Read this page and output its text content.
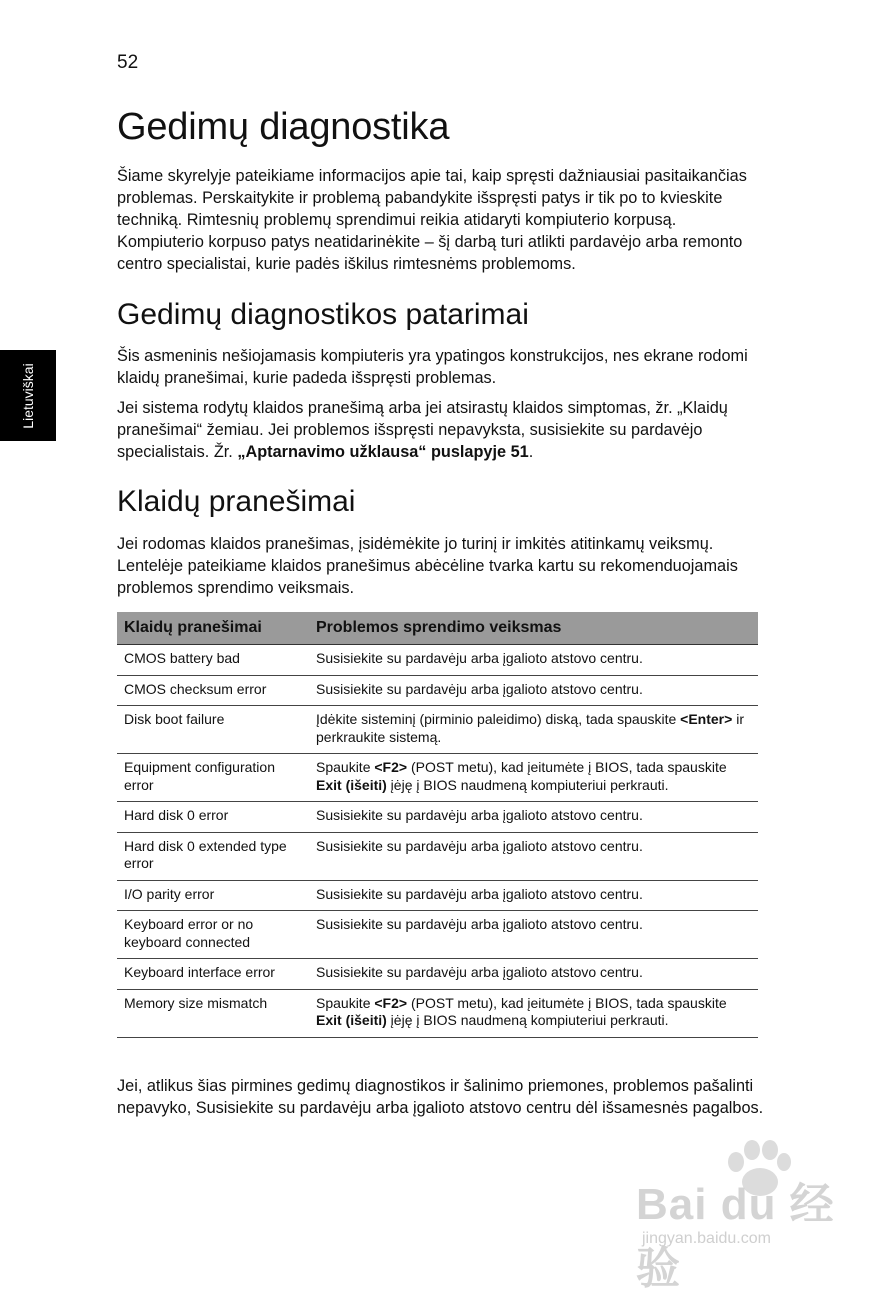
52
Lietuviškai
Gedimų diagnostika

Šiame skyrelyje pateikiame informacijos apie tai, kaip spręsti dažniausiai pasitaikančias problemas. Perskaitykite ir problemą pabandykite išspręsti patys ir tik po to kvieskite techniką. Rimtesnių problemų sprendimui reikia atidaryti kompiuterio korpusą. Kompiuterio korpuso patys neatidarinėkite – šį darbą turi atlikti pardavėjo arba remonto centro specialistai, kurie padės iškilus rimtesnėms problemoms.

Gedimų diagnostikos patarimai

Šis asmeninis nešiojamasis kompiuteris yra ypatingos konstrukcijos, nes ekrane rodomi klaidų pranešimai, kurie padeda išspręsti problemas.

Jei sistema rodytų klaidos pranešimą arba jei atsirastų klaidos simptomas, žr. „Klaidų pranešimai“ žemiau. Jei problemos išspręsti nepavyksta, susisiekite su pardavėjo specialistais. Žr. „Aptarnavimo užklausa“ puslapyje 51.

Klaidų pranešimai

Jei rodomas klaidos pranešimas, įsidėmėkite jo turinį ir imkitės atitinkamų veiksmų. Lentelėje pateikiame klaidos pranešimus abėcėline tvarka kartu su rekomenduojamais problemos sprendimo veiksmais.

Klaidų pranešimai	Problemos sprendimo veiksmas
CMOS battery bad	Susisiekite su pardavėju arba įgalioto atstovo centru.
CMOS checksum error	Susisiekite su pardavėju arba įgalioto atstovo centru.
Disk boot failure	Įdėkite sisteminį (pirminio paleidimo) diską, tada spauskite <Enter> ir perkraukite sistemą.
Equipment configuration error	Spaukite <F2> (POST metu), kad įeitumėte į BIOS, tada spauskite Exit (išeiti) įėję į BIOS naudmeną kompiuteriui perkrauti.
Hard disk 0 error	Susisiekite su pardavėju arba įgalioto atstovo centru.
Hard disk 0 extended type error	Susisiekite su pardavėju arba įgalioto atstovo centru.
I/O parity error	Susisiekite su pardavėju arba įgalioto atstovo centru.
Keyboard error or no keyboard connected	Susisiekite su pardavėju arba įgalioto atstovo centru.
Keyboard interface error	Susisiekite su pardavėju arba įgalioto atstovo centru.
Memory size mismatch	Spaukite <F2> (POST metu), kad įeitumėte į BIOS, tada spauskite Exit (išeiti) įėję į BIOS naudmeną kompiuteriui perkrauti.

Jei, atlikus šias pirmines gedimų diagnostikos ir šalinimo priemones, problemos pašalinti nepavyko, Susisiekite su pardavėju arba įgalioto atstovo centru dėl išsamesnės pagalbos.

Bai du 经验
jingyan.baidu.com
